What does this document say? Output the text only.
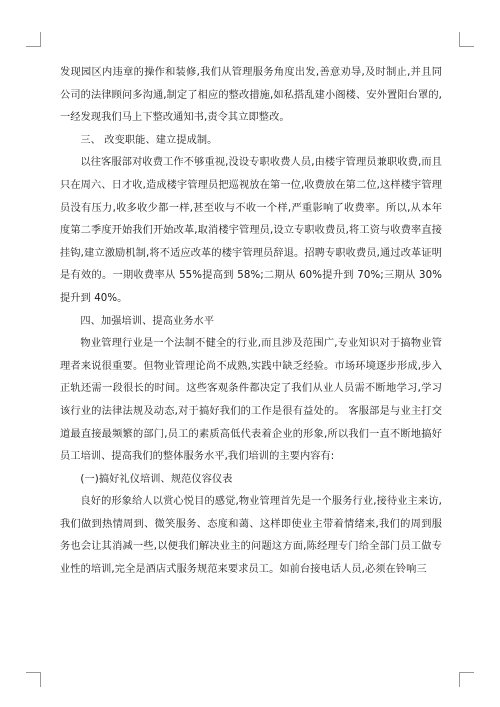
发现园区内违章的操作和装修,我们从管理服务角度出发,善意劝导,及时制止,并且同公司的法律顾问多沟通,制定了相应的整改措施,如私搭乱建小阁楼、安外置阳台罩的,一经发现我们马上下整改通知书,责令其立即整改。

三、 改变职能、建立提成制。

以往客服部对收费工作不够重视,没设专职收费人员,由楼宇管理员兼职收费,而且只在周六、日才收,造成楼宇管理员把巡视放在第一位,收费放在第二位,这样楼宇管理员没有压力,收多收少都一样,甚至收与不收一个样,严重影响了收费率。所以,从本年度第二季度开始我们开始改革,取消楼宇管理员,设立专职收费员,将工资与收费率直接挂钩,建立激励机制,将不适应改革的楼宇管理员辞退。招聘专职收费员,通过改革证明是有效的。一期收费率从 55%提高到 58%;二期从 60%提升到 70%;三期从 30%提升到 40%。

四、加强培训、提高业务水平

物业管理行业是一个法制不健全的行业,而且涉及范围广,专业知识对于搞物业管理者来说很重要。但物业管理论尚不成熟,实践中缺乏经验。市场环境逐步形成,步入正轨还需一段很长的时间。这些客观条件都决定了我们从业人员需不断地学习,学习该行业的法律法规及动态,对于搞好我们的工作是很有益处的。 客服部是与业主打交道最直接最频繁的部门,员工的素质高低代表着企业的形象,所以我们一直不断地搞好员工培训、提高我们的整体服务水平,我们培训的主要内容有:

(一)搞好礼仪培训、规范仪容仪表

良好的形象给人以赏心悦目的感觉,物业管理首先是一个服务行业,接待业主来访,我们做到热情周到、微笑服务、态度和蔼、这样即使业主带着情绪来,我们的周到服务也会让其消减一些,以便我们解决业主的问题这方面,陈经理专门给全部门员工做专业性的培训,完全是酒店式服务规范来要求员工。如前台接电话人员,必须在铃响三
